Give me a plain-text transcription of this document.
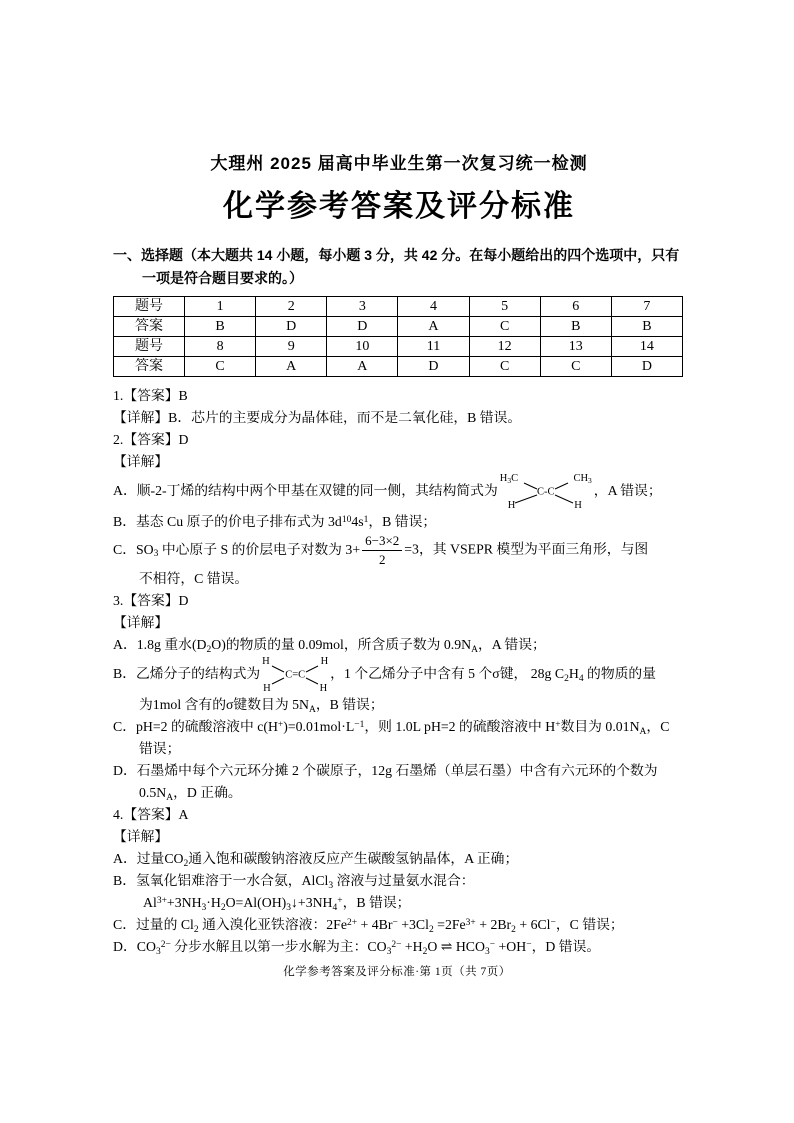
大理州 2025 届高中毕业生第一次复习统一检测
化学参考答案及评分标准

一、选择题（本大题共 14 小题，每小题 3 分，共 42 分。在每小题给出的四个选项中，只有
一项是符合题目要求的。）

题号	1	2	3	4	5	6	7
答案	B	D	D	A	C	B	B
题号	8	9	10	11	12	13	14
答案	C	A	A	D	C	C	D

1.【答案】B

【详解】B．芯片的主要成分为晶体硅，而不是二氧化硅，B 错误。

2.【答案】D

【详解】

A．顺-2-丁烯的结构中两个甲基在双键的同一侧，其结构简式为
$H_3C$	$CH_3$
C-C
H	H
，A 错误；

B．基态 Cu 原子的价电子排布式为 $3d^{10}4s^1$，B 错误；

C．$SO_3$ 中心原子 S 的价层电子对数为 $3+ \frac{6-3\times 2}{2} =3$，其 VSEPR 模型为平面三角形，与图
不相符，C 错误。

3.【答案】D

【详解】

A．1.8g 重水$(D_2O)$的物质的量 0.09mol，所含质子数为 $0.9N_A$，A 错误；

B．乙烯分子的结构式为
H	H
C=C
H	H
，1 个乙烯分子中含有 5 个σ键， 28g $C_2H_4$ 的物质的量
为1mol 含有的σ键数目为 $5N_A$，B 错误；

C．pH=2 的硫酸溶液中 $c(H^+)=0.01mol\cdot L^{-1}$，则 1.0L pH=2 的硫酸溶液中 H+数目为 $0.01N_A$，C
错误；

D．石墨烯中每个六元环分摊 2 个碳原子，12g 石墨烯（单层石墨）中含有六元环的个数为
$0.5N_A$，D 正确。

4.【答案】A

【详解】

A．过量$CO_2$通入饱和碳酸钠溶液反应产生碳酸氢钠晶体，A 正确；

B．氢氧化铝难溶于一水合氨，AlCl$_3$ 溶液与过量氨水混合：

$Al^{3+}+3NH_3\cdot H_2O=Al(OH)_3↓+3NH_4^+$，B 错误；

C．过量的 $Cl_2$ 通入溴化亚铁溶液：$2Fe^{2+} + 4Br^- +3Cl_2 =2Fe^{3+} + 2Br_2 + 6Cl^-$，C 错误；

D．$CO_3^{2-}$ 分步水解且以第一步水解为主：$CO_3^{2-} +H_2O$ ⇌ $HCO_3^- +OH^-$，D 错误。

化学参考答案及评分标准·第 1页（共 7页）
